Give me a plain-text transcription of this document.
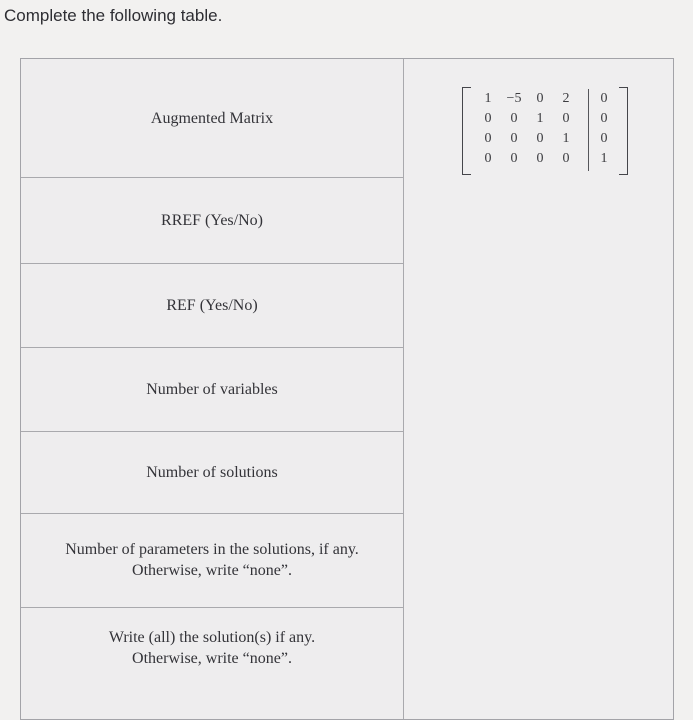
Complete the following table.
Augmented Matrix
1	−5	0	2	0
0	0	1	0	0
0	0	0	1	0
0	0	0	0	1
RREF (Yes/No)
REF (Yes/No)
Number of variables
Number of solutions
Number of parameters in the solutions, if any.
Otherwise, write “none”.
Write (all) the solution(s) if any.
Otherwise, write “none”.
